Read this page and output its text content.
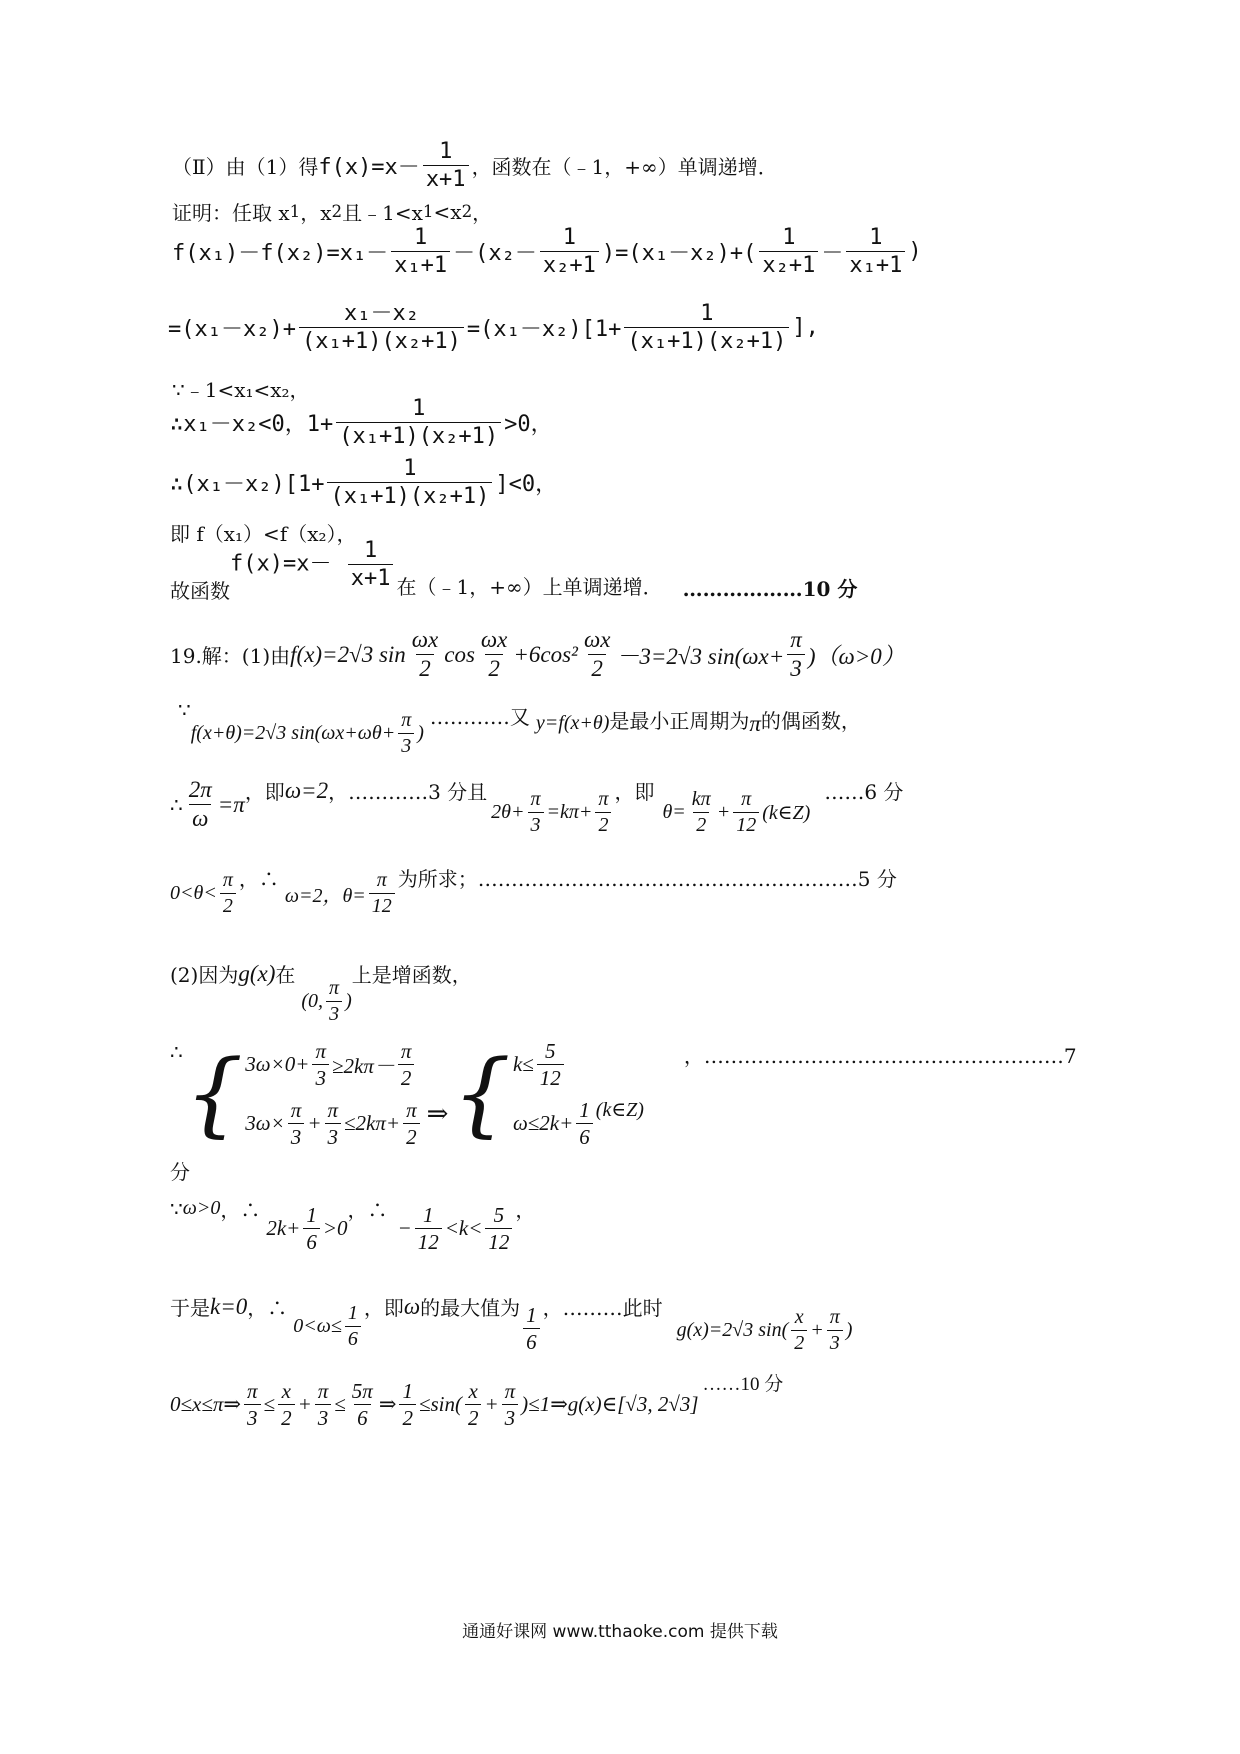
（Ⅱ）由（1）得 $f(x)=x- \frac{1}{x+1}$ ，函数在（﹣1，+∞）单调递增．
证明：任取 x 1 ，x 2 且﹣1<x 1 <x 2 ，
$f(x_1)-f(x_2)=x_1- \frac{1}{\text{x₁+1}} -(x_2- \frac{1}{\text{x₂+1}} )=(x_1-x_2)+( \frac{1}{\text{x₂+1}} - \frac{1}{\text{x₁+1}}$ )
$=(x_1-x_2)+ \frac{\text{x₁－x₂}}{\text{(x₁+1)(x₂+1)}} =(x_1-x_2)[1+ \frac{1}{\text{(x₁+1)(x₂+1)}}$ ],
∵﹣1<x₁<x₂，
∴x₁－x₂<0，$1+ \frac{1}{\text{(x₁+1)(x₂+1)}} >0$，
∴(x₁－x₂)[1+ $\frac{1}{\text{(x₁+1)(x₂+1)}} ]<0$，
即 f（x₁）<f（x₂），
故函数
$f(x)=x- \frac{1}{x+1}$ 在（﹣1，+∞）上单调递增． ………………10 分
19.解：(1)由 f(x)=2√3 $\sin \frac{\omega x}{2}$ $\cos \frac{\omega x}{2} +6\cos^2 \frac{\omega x}{2} -3=2√3$ $\sin(\omega x+ \frac{\pi}{3} )(\omega>0)$
∵
f(x+θ)=2√3 $\sin(\omega x+\omega\theta+ \frac{\pi}{3}$ )
…………又 y=f(x+θ) 是最小正周期为 π 的偶函数，
∴ $\frac{2\pi}{\omega} =\pi$ ，即 ω=2 ，…………3 分且
$2\theta+ \frac{\pi}{3} =k\pi+ \frac{\pi}{2}$ ，即
$\theta= \frac{k\pi}{2} + \frac{\pi}{12}$ (k∈Z)
……6 分
$0<\theta< \frac{\pi}{2}$ ，∴
ω=2，$\theta= \frac{\pi}{12}$ 为所求； …………………………………………………5 分
(2)因为 g(x) 在
(0, $\frac{\pi}{3}$ )
上是增函数，
∴ { $3\omega\times 0+ \frac{\pi}{3} \ge 2k\pi- \frac{\pi}{2}$
$3\omega\times \frac{\pi}{3} + \frac{\pi}{3} \le 2k\pi+ \frac{\pi}{2}$ ⇒ { $k\le \frac{5}{12}$
$\omega\le 2k+ \frac{1}{6}$ (k∈Z)
，………………………………………………7
分
∵ ω>0 ，∴
$2k+ \frac{1}{6} >0$
，∴
− $\frac{1}{12} <k< \frac{5}{12}$ ，
于是 k=0 ，∴
$0<\omega\le \frac{1}{6}$ ，即 ω 的最大值为 $\frac{1}{6}$ ，………此时
g(x)=2√3 $\sin( \frac{x}{2} + \frac{\pi}{3}$ )
0≤x≤π⇒ $\frac{\pi}{3} \le \frac{x}{2} + \frac{\pi}{3} \le \frac{5\pi}{6}$ ⇒ $\frac{1}{2} \le\sin( \frac{x}{2} + \frac{\pi}{3}$ )≤1⇒g(x)∈[√3, 2√3]
……10 分
通通好课网 www.tthaoke.com 提供下载
